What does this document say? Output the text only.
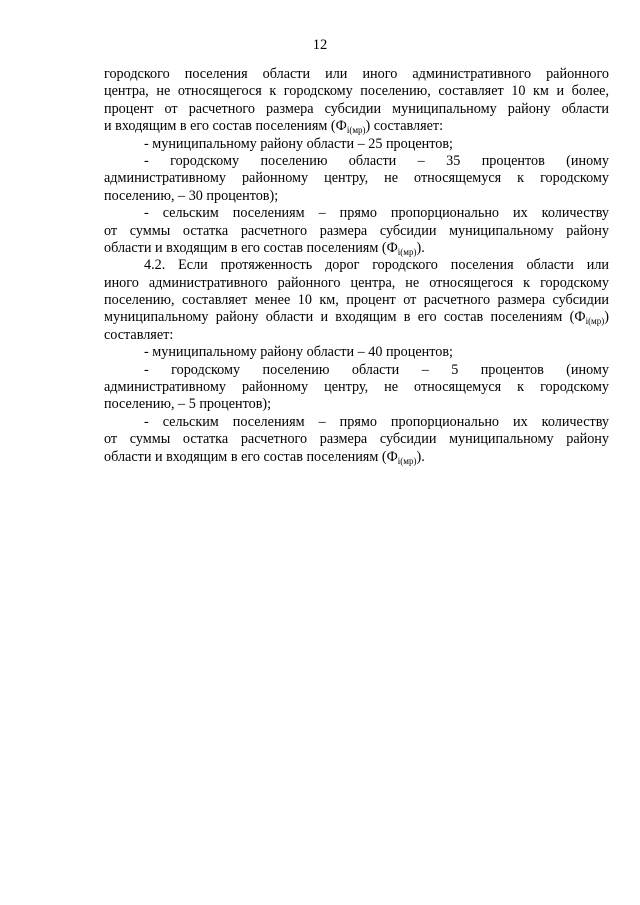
12
городского поселения области или иного административного районного
центра, не относящегося к городскому поселению, составляет 10 км и более,
процент от расчетного размера субсидии муниципальному району области
и входящим в его состав поселениям $(Ф_{i(мр)})$ составляет:
- муниципальному району области – 25 процентов;
- городскому поселению области – 35 процентов (иному
административному районному центру, не относящемуся к городскому
поселению, – 30 процентов);
- сельским поселениям – прямо пропорционально их количеству
от суммы остатка расчетного размера субсидии муниципальному району
области и входящим в его состав поселениям $(Ф_{i(мр)})$.
4.2. Если протяженность дорог городского поселения области или
иного административного районного центра, не относящегося к городскому
поселению, составляет менее 10 км, процент от расчетного размера субсидии
муниципальному району области и входящим в его состав поселениям $(Ф_{i(мр)})$
составляет:
- муниципальному району области – 40 процентов;
- городскому поселению области – 5 процентов (иному
административному районному центру, не относящемуся к городскому
поселению, – 5 процентов);
- сельским поселениям – прямо пропорционально их количеству
от суммы остатка расчетного размера субсидии муниципальному району
области и входящим в его состав поселениям $(Ф_{i(мр)})$.
